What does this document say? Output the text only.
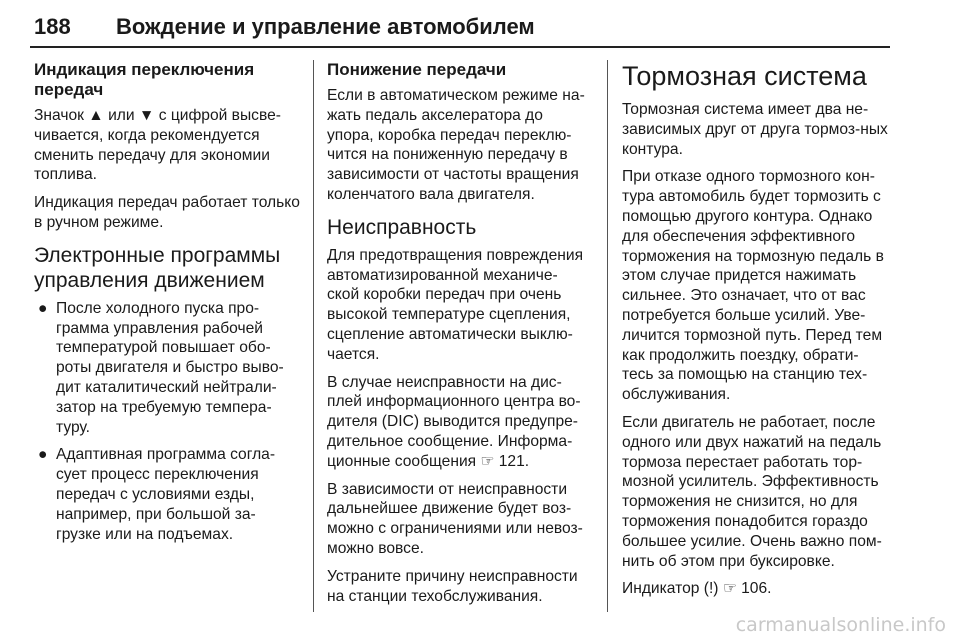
188 Вождение и управление автомобилем
Индикация переключения передач

Значок ▲ или ▼ с цифрой высве-чивается, когда рекомендуется сменить передачу для экономии топлива.

Индикация передач работает только в ручном режиме.

Электронные программы управления движением
● После холодного пуска про-грамма управления рабочей температурой повышает обо-роты двигателя и быстро выво-дит каталитический нейтрали-затор на требуемую темпера-туру.
● Адаптивная программа согла-сует процесс переключения передач с условиями езды, например, при большой за-грузке или на подъемах.
Понижение передачи

Если в автоматическом режиме на-жать педаль акселератора до упора, коробка передач переклю-чится на пониженную передачу в зависимости от частоты вращения коленчатого вала двигателя.

Неисправность

Для предотвращения повреждения автоматизированной механиче-ской коробки передач при очень высокой температуре сцепления, сцепление автоматически выклю-чается.

В случае неисправности на дис-плей информационного центра во-дителя (DIC) выводится предупре-дительное сообщение. Информа-ционные сообщения ☞ 121.

В зависимости от неисправности дальнейшее движение будет воз-можно с ограничениями или невоз-можно вовсе.

Устраните причину неисправности на станции техобслуживания.

Тормозная система

Тормозная система имеет два не-зависимых друг от друга тормоз-ных контура.

При отказе одного тормозного кон-тура автомобиль будет тормозить с помощью другого контура. Однако для обеспечения эффективного торможения на тормозную педаль в этом случае придется нажимать сильнее. Это означает, что от вас потребуется больше усилий. Уве-личится тормозной путь. Перед тем как продолжить поездку, обрати-тесь за помощью на станцию тех-обслуживания.

Если двигатель не работает, после одного или двух нажатий на педаль тормоза перестает работать тор-мозной усилитель. Эффективность торможения не снизится, но для торможения понадобится гораздо большее усилие. Очень важно пом-нить об этом при буксировке.

Индикатор (!) ☞ 106.

carmanualsonline.info
